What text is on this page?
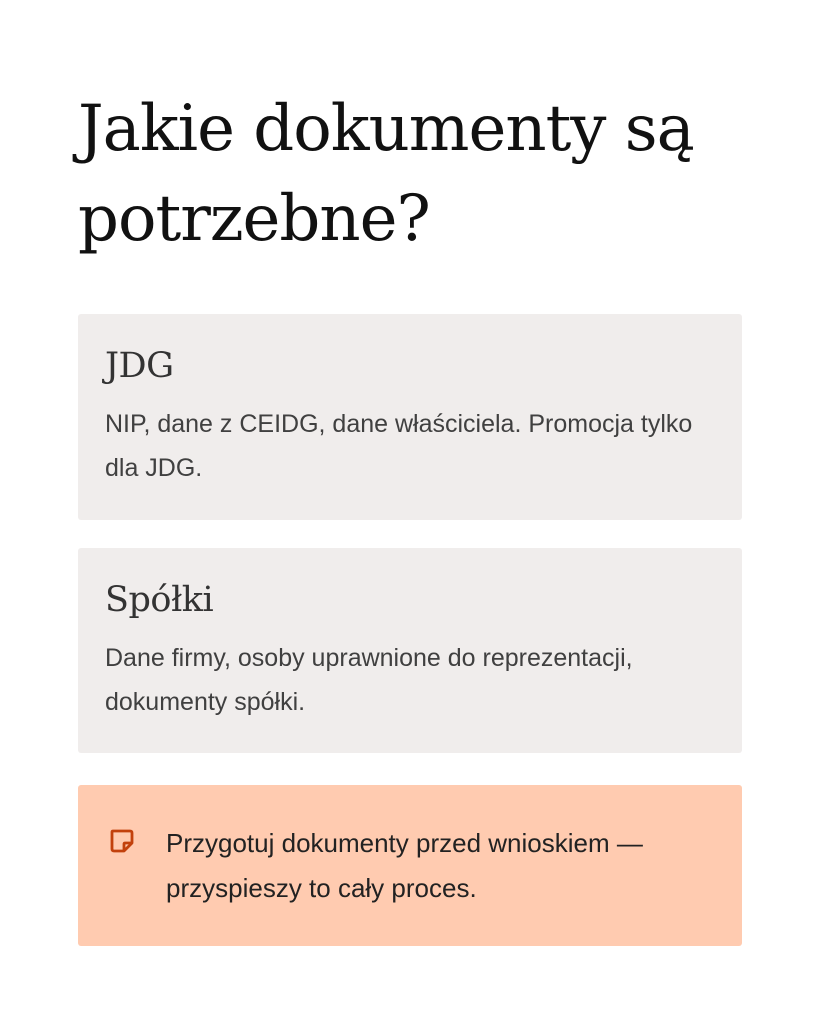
Jakie dokumenty są potrzebne?
JDG

NIP, dane z CEIDG, dane właściciela. Promocja tylko dla JDG.

Spółki

Dane firmy, osoby uprawnione do reprezentacji, dokumenty spółki.

Przygotuj dokumenty przed wnioskiem — przyspieszy to cały proces.
